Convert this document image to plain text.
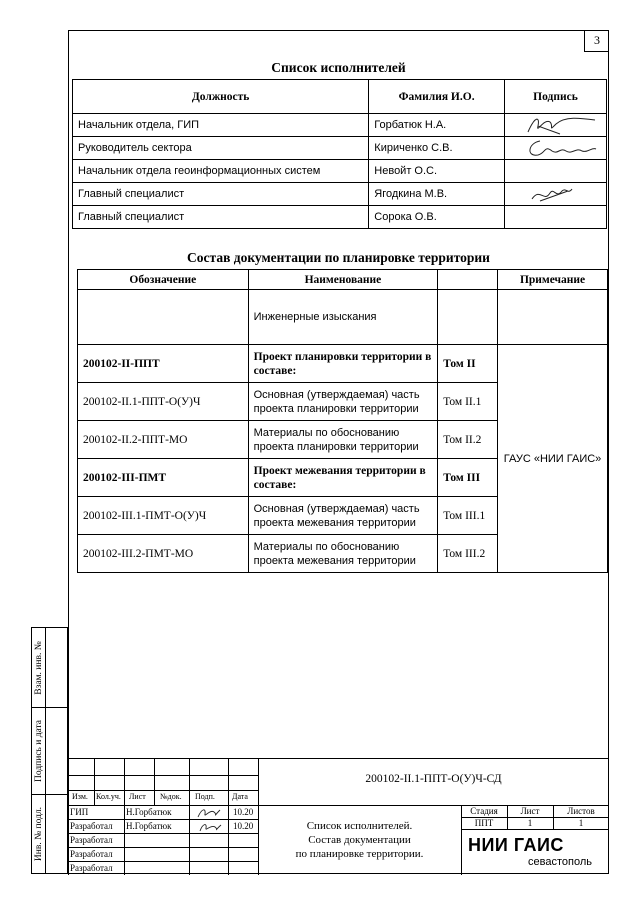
3
Список исполнителей
Должность	Фамилия И.О.	Подпись
Начальник отдела, ГИП	Горбатюк Н.А.	

Руководитель сектора	Кириченко С.В.	

Начальник отдела геоинформационных систем	Невойт О.С.	
Главный специалист	Ягодкина М.В.	

Главный специалист	Сорока О.В.	
Состав документации по планировке территории
Обозначение	Наименование		Примечание
	Инженерные изыскания		
200102-II-ППТ	Проект планировки территории в составе:	Том II	ГАУС «НИИ ГАИС»
200102-II.1-ППТ-О(У)Ч	Основная (утверждаемая) часть проекта планировки территории	Том II.1	
200102-II.2-ППТ-МО	Материалы по обоснованию проекта планировки территории	Том II.2	
200102-III-ПМТ	Проект межевания территории в составе:	Том III	
200102-III.1-ПМТ-О(У)Ч	Основная (утверждаемая) часть проекта межевания территории	Том III.1	
200102-III.2-ПМТ-МО	Материалы по обоснованию проекта межевания территории	Том III.2	
Взам. инв. №
Подпись и дата
Инв. № подл.
Изм. Кол.уч. Лист №док. Подп. Дата
200102-II.1-ППТ-О(У)Ч-СД
ГИП	Н.Горбатюк	10.20
Разработал Н.Горбатюк	10.20
Разработал
Разработал
Разработал
Список исполнителей.
Состав документации
по планировке территории.
Стадия	Лист	Листов
ППТ	1	1
НИИ ГАИС
севастополь
